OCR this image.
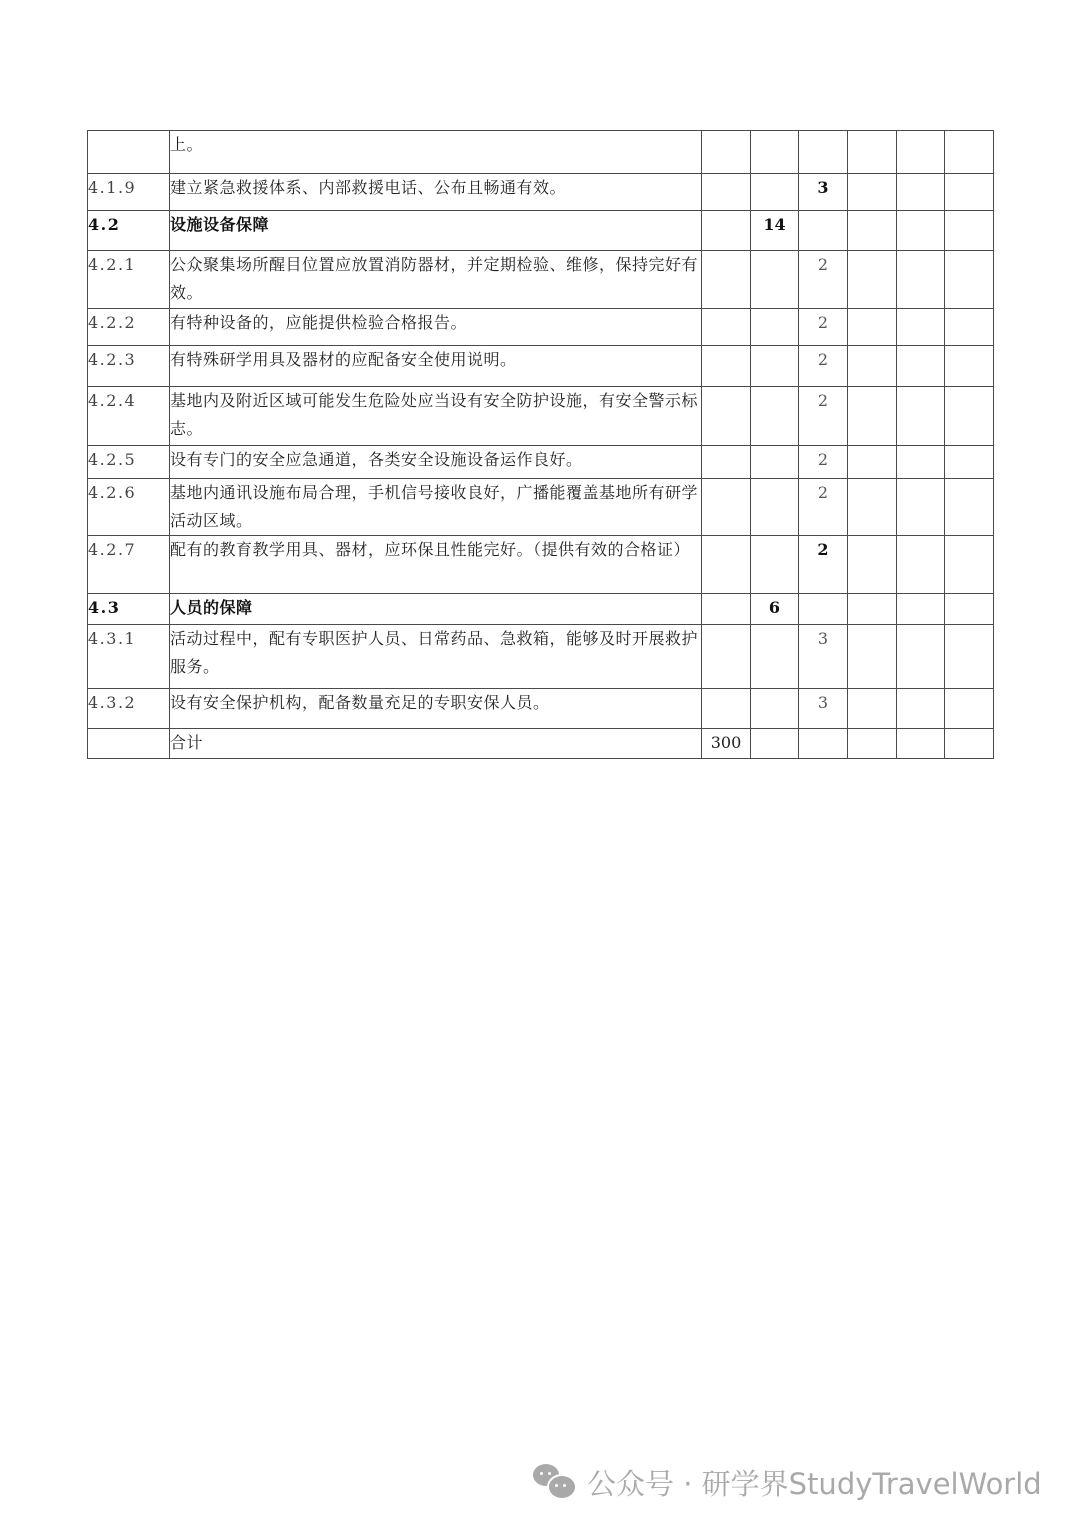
	上。						
4.1.9	建立紧急救援体系、内部救援电话、公布且畅通有效。			3			
4.2	设施设备保障		14				
4.2.1	公众聚集场所醒目位置应放置消防器材，并定期检验、维修，保持完好有效。			2			
4.2.2	有特种设备的，应能提供检验合格报告。			2			
4.2.3	有特殊研学用具及器材的应配备安全使用说明。			2			
4.2.4	基地内及附近区域可能发生危险处应当设有安全防护设施，有安全警示标志。			2			
4.2.5	设有专门的安全应急通道，各类安全设施设备运作良好。			2			
4.2.6	基地内通讯设施布局合理，手机信号接收良好，广播能覆盖基地所有研学活动区域。			2			
4.2.7	配有的教育教学用具、器材，应环保且性能完好。（提供有效的合格证）			2			
4.3	人员的保障		6				
4.3.1	活动过程中，配有专职医护人员、日常药品、急救箱，能够及时开展救护服务。			3			
4.3.2	设有安全保护机构，配备数量充足的专职安保人员。			3			
	合计	300					
公众号 · 研学界StudyTravelWorld
